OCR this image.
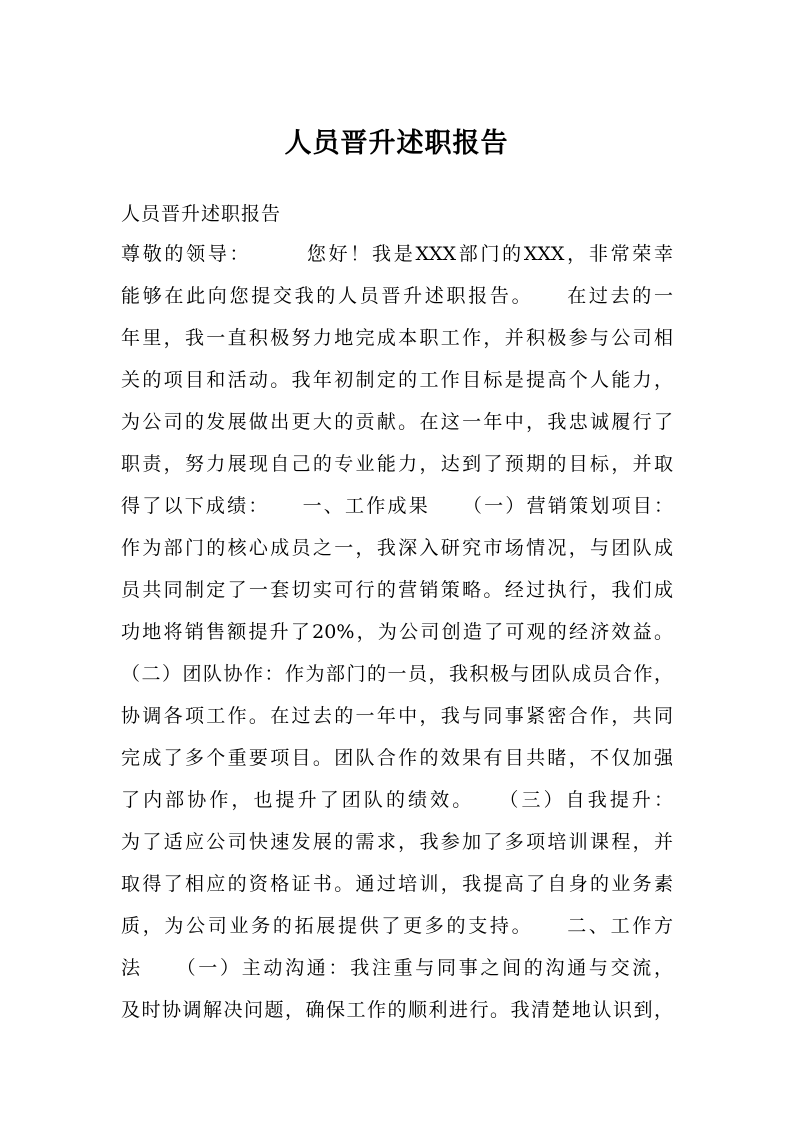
人员晋升述职报告
人员晋升述职报告
尊敬的领导：　　　您好！我是XXX部门的XXX，非常荣幸
能够在此向您提交我的人员晋升述职报告。　　在过去的一
年里，我一直积极努力地完成本职工作，并积极参与公司相
关的项目和活动。我年初制定的工作目标是提高个人能力，
为公司的发展做出更大的贡献。在这一年中，我忠诚履行了
职责，努力展现自己的专业能力，达到了预期的目标，并取
得了以下成绩：　　一、工作成果　　（一）营销策划项目：
作为部门的核心成员之一，我深入研究市场情况，与团队成
员共同制定了一套切实可行的营销策略。经过执行，我们成
功地将销售额提升了20%，为公司创造了可观的经济效益。
（二）团队协作：作为部门的一员，我积极与团队成员合作，
协调各项工作。在过去的一年中，我与同事紧密合作，共同
完成了多个重要项目。团队合作的效果有目共睹，不仅加强
了内部协作，也提升了团队的绩效。　　（三）自我提升：
为了适应公司快速发展的需求，我参加了多项培训课程，并
取得了相应的资格证书。通过培训，我提高了自身的业务素
质，为公司业务的拓展提供了更多的支持。　　二、工作方
法　　（一）主动沟通：我注重与同事之间的沟通与交流，
及时协调解决问题，确保工作的顺利进行。我清楚地认识到，
